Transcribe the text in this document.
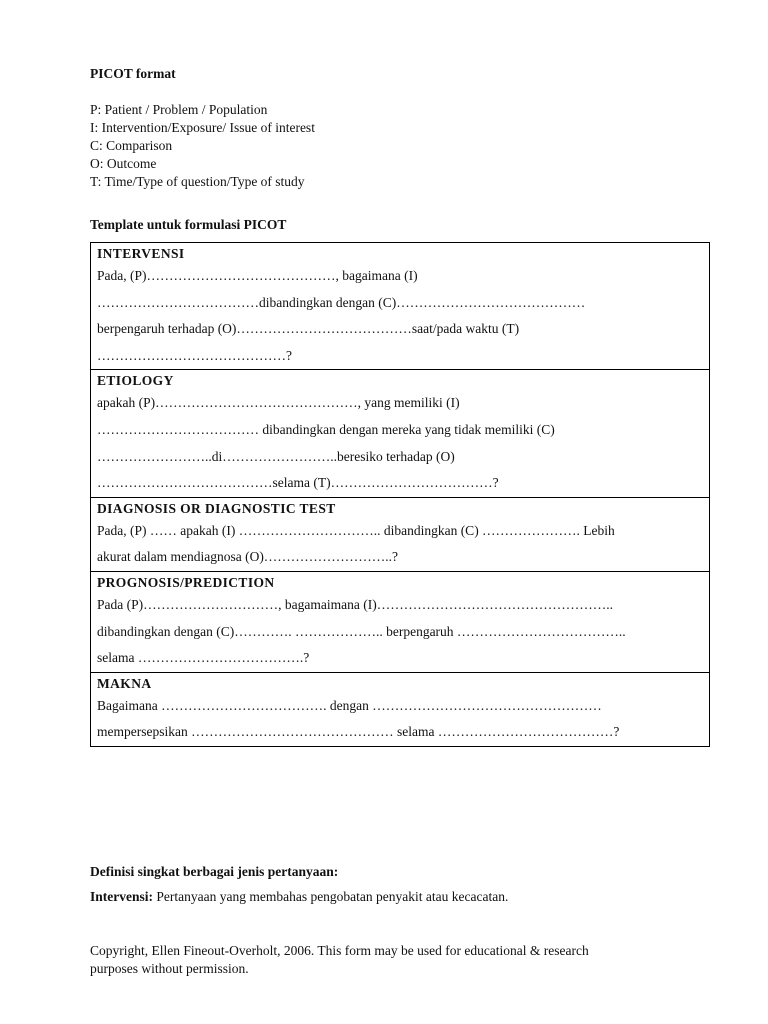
PICOT format
P: Patient / Problem / Population
I: Intervention/Exposure/ Issue of interest
C: Comparison
O: Outcome
T: Time/Type of question/Type of study
Template untuk formulasi PICOT
INTERVENSI
Pada, (P)……………………………………, bagaimana (I)
………………………………dibandingkan dengan (C)……………………………………
berpengaruh terhadap (O)…………………………………saat/pada waktu (T)
……………………………………?

ETIOLOGY
apakah (P)………………………………………, yang memiliki (I)
……………………………… dibandingkan dengan mereka yang tidak memiliki (C)
……………………..di……………………..beresiko terhadap (O)
…………………………………selama (T)………………………………?

DIAGNOSIS OR DIAGNOSTIC TEST
Pada, (P) …… apakah (I) ………………………….. dibandingkan (C) …………………. Lebih
akurat dalam mendiagnosa (O)………………………..?

PROGNOSIS/PREDICTION
Pada (P)…………………………, bagamaimana (I)……………………………………………..
dibandingkan dengan (C)…………. ……………….. berpengaruh ………………………………..
selama ……………………………….?

MAKNA
Bagaimana ………………………………. dengan ……………………………………………
mempersepsikan ……………………………………… selama …………………………………?
Definisi singkat berbagai jenis pertanyaan:
Intervensi: Pertanyaan yang membahas pengobatan penyakit atau kecacatan.
Copyright, Ellen Fineout-Overholt, 2006. This form may be used for educational & research
purposes without permission.
